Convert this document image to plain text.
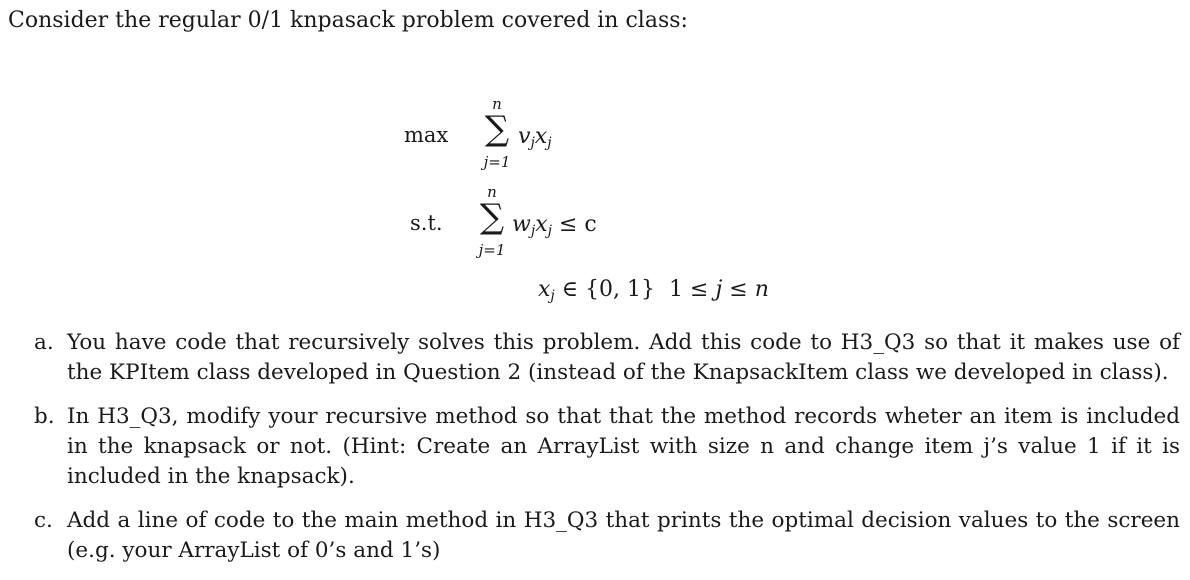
Consider the regular 0/1 knpasack problem covered in class:

max
n
∑
j=1
$v_jx_j$
s.t.
n
∑
j=1
$w_jx_j \le c$
$x_j$ ∈ {0, 1} 1 ≤ j ≤ n
a. You have code that recursively solves this problem. Add this code to H3_Q3 so that it makes use of the KPItem class developed in Question 2 (instead of the KnapsackItem class we developed in class).
b. In H3_Q3, modify your recursive method so that that the method records wheter an item is included in the knapsack or not. (Hint: Create an ArrayList with size n and change item j’s value 1 if it is included in the knapsack).
c. Add a line of code to the main method in H3_Q3 that prints the optimal decision values to the screen (e.g. your ArrayList of 0’s and 1’s)
